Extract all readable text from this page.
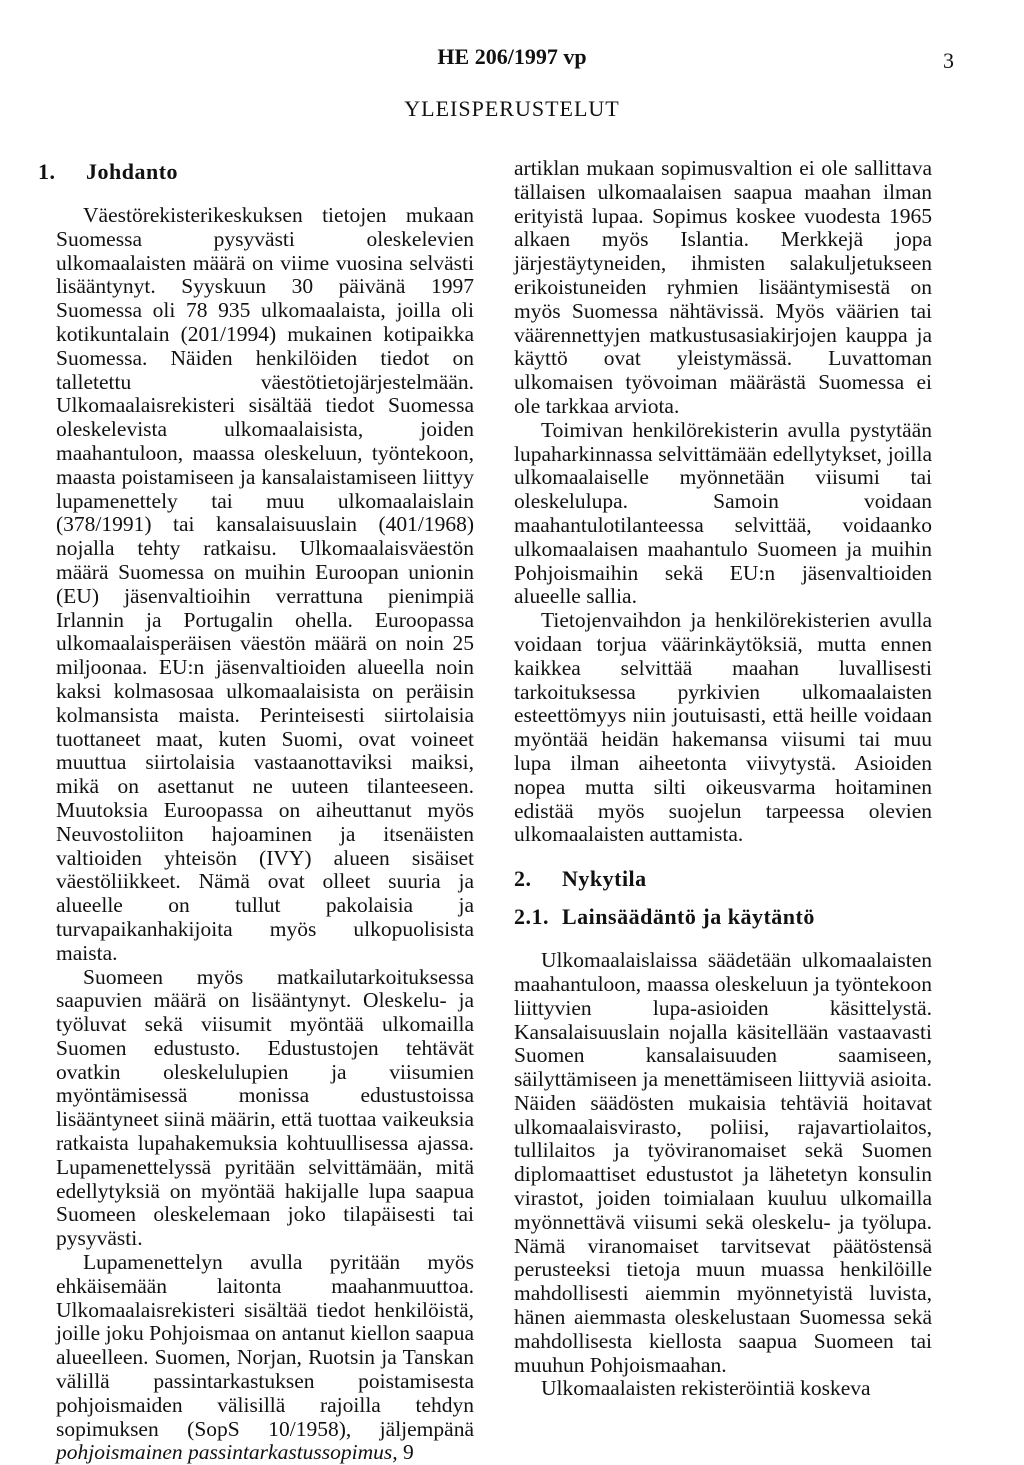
HE 206/1997 vp	3
YLEISPERUSTELUT
1. Johdanto

Väestörekisterikeskuksen tietojen mukaan Suomessa pysyvästi oleskelevien ulkomaalaisten määrä on viime vuosina selvästi lisääntynyt. Syyskuun 30 päivänä 1997 Suomessa oli 78 935 ulkomaalaista, joilla oli kotikuntalain (201/1994) mukainen kotipaikka Suomessa. Näiden henkilöiden tiedot on talletettu väestötietojärjestelmään. Ulkomaalaisrekisteri sisältää tiedot Suomessa oleskelevista ulkomaalaisista, joiden maahantuloon, maassa oleskeluun, työntekoon, maasta poistamiseen ja kansalaistamiseen liittyy lupamenettely tai muu ulkomaalaislain (378/1991) tai kansalaisuuslain (401/1968) nojalla tehty ratkaisu. Ulkomaalaisväestön määrä Suomessa on muihin Euroopan unionin (EU) jäsenvaltioihin verrattuna pienimpiä Irlannin ja Portugalin ohella. Euroopassa ulkomaalaisperäisen väestön määrä on noin 25 miljoonaa. EU:n jäsenvaltioiden alueella noin kaksi kolmasosaa ulkomaalaisista on peräisin kolmansista maista. Perinteisesti siirtolaisia tuottaneet maat, kuten Suomi, ovat voineet muuttua siirtolaisia vastaanottaviksi maiksi, mikä on asettanut ne uuteen tilanteeseen. Muutoksia Euroopassa on aiheuttanut myös Neuvostoliiton hajoaminen ja itsenäisten valtioiden yhteisön (IVY) alueen sisäiset väestöliikkeet. Nämä ovat olleet suuria ja alueelle on tullut pakolaisia ja turvapaikanhakijoita myös ulkopuolisista maista.

Suomeen myös matkailutarkoituksessa saapuvien määrä on lisääntynyt. Oleskelu- ja työluvat sekä viisumit myöntää ulkomailla Suomen edustusto. Edustustojen tehtävät ovatkin oleskelulupien ja viisumien myöntämisessä monissa edustustoissa lisääntyneet siinä määrin, että tuottaa vaikeuksia ratkaista lupahakemuksia kohtuullisessa ajassa. Lupamenettelyssä pyritään selvittämään, mitä edellytyksiä on myöntää hakijalle lupa saapua Suomeen oleskelemaan joko tilapäisesti tai pysyvästi.

Lupamenettelyn avulla pyritään myös ehkäisemään laitonta maahanmuuttoa. Ulkomaalaisrekisteri sisältää tiedot henkilöistä, joille joku Pohjoismaa on antanut kiellon saapua alueelleen. Suomen, Norjan, Ruotsin ja Tanskan välillä passintarkastuksen poistamisesta pohjoismaiden välisillä rajoilla tehdyn sopimuksen (SopS 10/1958), jäljempänä pohjoismainen passintarkastussopimus, 9

artiklan mukaan sopimusvaltion ei ole sallittava tällaisen ulkomaalaisen saapua maahan ilman erityistä lupaa. Sopimus koskee vuodesta 1965 alkaen myös Islantia. Merkkejä jopa järjestäytyneiden, ihmisten salakuljetukseen erikoistuneiden ryhmien lisääntymisestä on myös Suomessa nähtävissä. Myös väärien tai väärennettyjen matkustusasiakirjojen kauppa ja käyttö ovat yleistymässä. Luvattoman ulkomaisen työvoiman määrästä Suomessa ei ole tarkkaa arviota.

Toimivan henkilörekisterin avulla pystytään lupaharkinnassa selvittämään edellytykset, joilla ulkomaalaiselle myönnetään viisumi tai oleskelulupa. Samoin voidaan maahantulotilanteessa selvittää, voidaanko ulkomaalaisen maahantulo Suomeen ja muihin Pohjoismaihin sekä EU:n jäsenvaltioiden alueelle sallia.

Tietojenvaihdon ja henkilörekisterien avulla voidaan torjua väärinkäytöksiä, mutta ennen kaikkea selvittää maahan luvallisesti tarkoituksessa pyrkivien ulkomaalaisten esteettömyys niin joutuisasti, että heille voidaan myöntää heidän hakemansa viisumi tai muu lupa ilman aiheetonta viivytystä. Asioiden nopea mutta silti oikeusvarma hoitaminen edistää myös suojelun tarpeessa olevien ulkomaalaisten auttamista.

2. Nykytila
2.1. Lainsäädäntö ja käytäntö

Ulkomaalaislaissa säädetään ulkomaalaisten maahantuloon, maassa oleskeluun ja työntekoon liittyvien lupa-asioiden käsittelystä. Kansalaisuuslain nojalla käsitellään vastaavasti Suomen kansalaisuuden saamiseen, säilyttämiseen ja menettämiseen liittyviä asioita. Näiden säädösten mukaisia tehtäviä hoitavat ulkomaalaisvirasto, poliisi, rajavartiolaitos, tullilaitos ja työviranomaiset sekä Suomen diplomaattiset edustustot ja lähetetyn konsulin virastot, joiden toimialaan kuuluu ulkomailla myönnettävä viisumi sekä oleskelu- ja työlupa. Nämä viranomaiset tarvitsevat päätöstensä perusteeksi tietoja muun muassa henkilöille mahdollisesti aiemmin myönnetyistä luvista, hänen aiemmasta oleskelustaan Suomessa sekä mahdollisesta kiellosta saapua Suomeen tai muuhun Pohjoismaahan.

Ulkomaalaisten rekisteröintiä koskeva
